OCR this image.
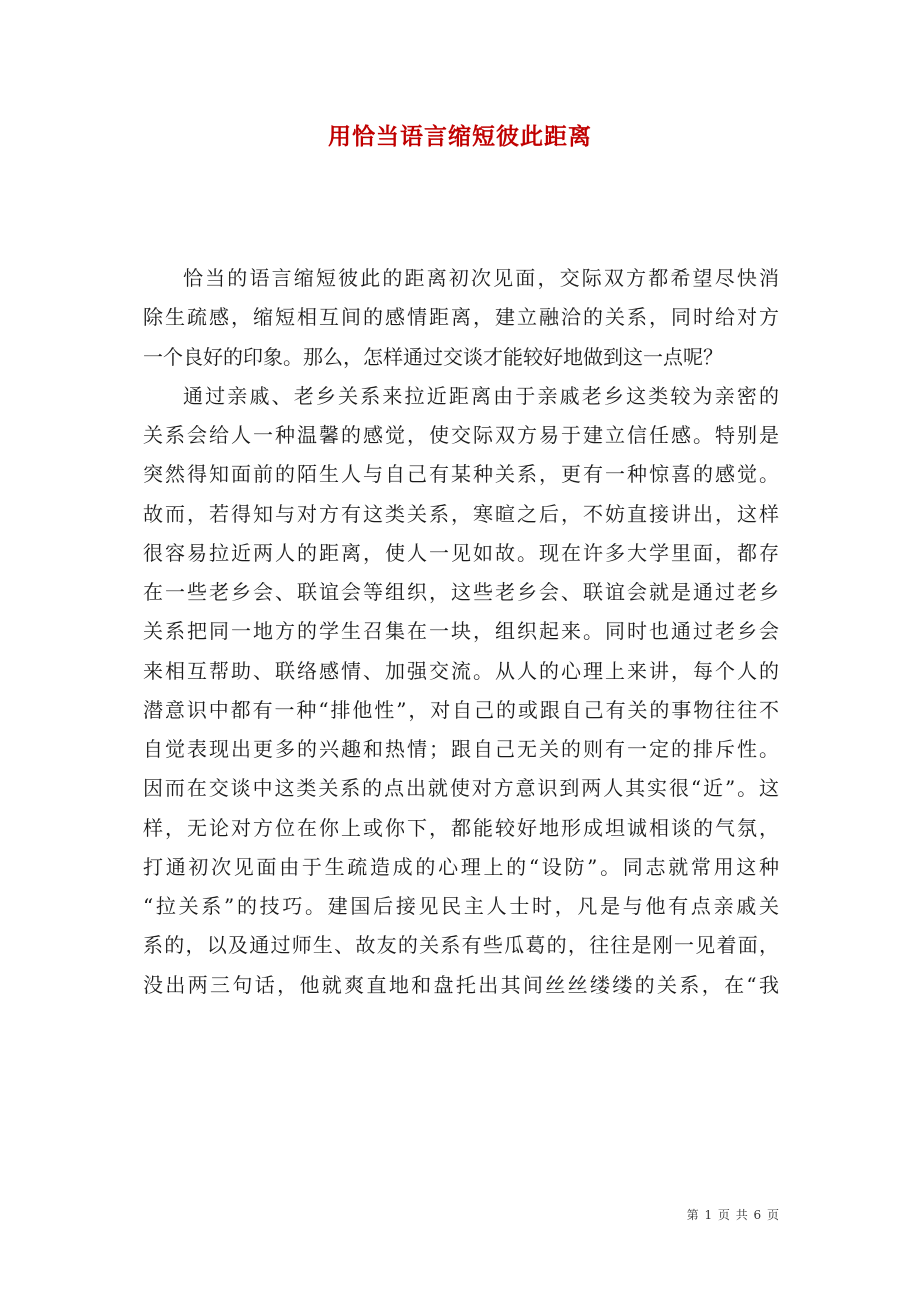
用恰当语言缩短彼此距离
恰当的语言缩短彼此的距离初次见面，交际双方都希望尽快消
除生疏感，缩短相互间的感情距离，建立融洽的关系，同时给对方
一个良好的印象。那么，怎样通过交谈才能较好地做到这一点呢？
通过亲戚、老乡关系来拉近距离由于亲戚老乡这类较为亲密的
关系会给人一种温馨的感觉，使交际双方易于建立信任感。特别是
突然得知面前的陌生人与自己有某种关系，更有一种惊喜的感觉。
故而，若得知与对方有这类关系，寒暄之后，不妨直接讲出，这样
很容易拉近两人的距离，使人一见如故。现在许多大学里面，都存
在一些老乡会、联谊会等组织，这些老乡会、联谊会就是通过老乡
关系把同一地方的学生召集在一块，组织起来。同时也通过老乡会
来相互帮助、联络感情、加强交流。从人的心理上来讲，每个人的
潜意识中都有一种“排他性”，对自己的或跟自己有关的事物往往不
自觉表现出更多的兴趣和热情；跟自己无关的则有一定的排斥性。
因而在交谈中这类关系的点出就使对方意识到两人其实很“近”。这
样，无论对方位在你上或你下，都能较好地形成坦诚相谈的气氛，
打通初次见面由于生疏造成的心理上的“设防”。同志就常用这种
“拉关系”的技巧。建国后接见民主人士时，凡是与他有点亲戚关
系的，以及通过师生、故友的关系有些瓜葛的，往往是刚一见着面，
没出两三句话，他就爽直地和盘托出其间丝丝缕缕的关系，在“我
第 1 页 共 6 页
